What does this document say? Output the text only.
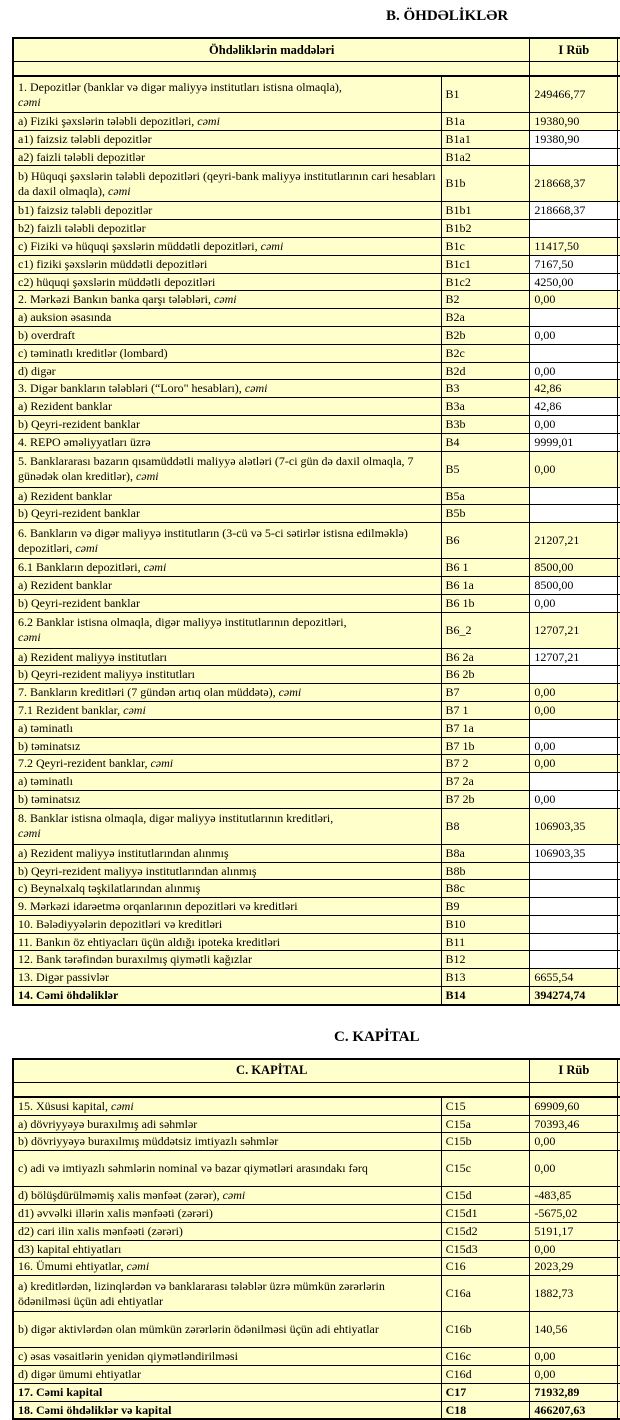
B. ÖHDƏLİKLƏR
Öhdəliklərin maddələri		I Rüb	

1. Depozitlər (banklar və digər maliyyə institutları istisna olmaqla),
cəmi	B1	249466,77	
a) Fiziki şəxslərin tələbli depozitləri, cəmi	B1a	19380,90	
a1) faizsiz tələbli depozitlər	B1a1	19380,90	
a2) faizli tələbli depozitlər	B1a2		
b) Hüquqi şəxslərin tələbli depozitləri (qeyri-bank maliyyə institutlarının cari hesabları da daxil olmaqla), cəmi	B1b	218668,37	
b1) faizsiz tələbli depozitlər	B1b1	218668,37	
b2) faizli tələbli depozitlər	B1b2		
c) Fiziki və hüquqi şəxslərin müddətli depozitləri, cəmi	B1c	11417,50	
c1) fiziki şəxslərin müddətli depozitləri	B1c1	7167,50	
c2) hüquqi şəxslərin müddətli depozitləri	B1c2	4250,00	
2. Mərkəzi Bankın banka qarşı tələbləri, cəmi	B2	0,00	
a) auksion əsasında	B2a		
b) overdraft	B2b	0,00	
c) təminatlı kreditlər (lombard)	B2c		
d) digər	B2d	0,00	
3. Digər bankların tələbləri (“Loro" hesabları), cəmi	B3	42,86	
a) Rezident banklar	B3a	42,86	
b) Qeyri-rezident banklar	B3b	0,00	
4. REPO əməliyyatları üzrə	B4	9999,01	
5. Banklararası bazarın qısamüddətli maliyyə alətləri (7-ci gün də daxil olmaqla, 7 günədək olan kreditlər), cəmi	B5	0,00	
a) Rezident banklar	B5a		
b) Qeyri-rezident banklar	B5b		
6. Bankların və digər maliyyə institutların (3-cü və 5-ci sətirlər istisna edilməklə) depozitləri, cəmi	B6	21207,21	
6.1 Bankların depozitləri, cəmi	B6 1	8500,00	
a) Rezident banklar	B6 1a	8500,00	
b) Qeyri-rezident banklar	B6 1b	0,00	
6.2 Banklar istisna olmaqla, digər maliyyə institutlarının depozitləri,
cəmi	B6_2	12707,21	
a) Rezident maliyyə institutları	B6 2a	12707,21	
b) Qeyri-rezident maliyyə institutları	B6 2b		
7. Bankların kreditləri (7 gündən artıq olan müddətə), cəmi	B7	0,00	
7.1 Rezident banklar, cəmi	B7 1	0,00	
a) təminatlı	B7 1a		
b) təminatsız	B7 1b	0,00	
7.2 Qeyri-rezident banklar, cəmi	B7 2	0,00	
a) təminatlı	B7 2a		
b) təminatsız	B7 2b	0,00	
8. Banklar istisna olmaqla, digər maliyyə institutlarının kreditləri,
cəmi	B8	106903,35	
a) Rezident maliyyə institutlarından alınmış	B8a	106903,35	
b) Qeyri-rezident maliyyə institutlarından alınmış	B8b		
c) Beynəlxalq təşkilatlarından alınmış	B8c		
9. Mərkəzi idarəetmə orqanlarının depozitləri və kreditləri	B9		
10. Bələdiyyələrin depozitləri və kreditləri	B10		
11. Bankın öz ehtiyacları üçün aldığı ipoteka kreditləri	B11		
12. Bank tərəfindən buraxılmış qiymətli kağızlar	B12		
13. Digər passivlər	B13	6655,54	
14. Cəmi öhdəliklər	B14	394274,74	
C. KAPİTAL
C. KAPİTAL		I Rüb	

15. Xüsusi kapital, cəmi	C15	69909,60	
a) dövriyyəyə buraxılmış adi səhmlər	C15a	70393,46	
b) dövriyyəyə buraxılmış müddətsiz imtiyazlı səhmlər	C15b	0,00	
c) adi və imtiyazlı səhmlərin nominal və bazar qiymətləri arasındakı fərq	C15c	0,00	
d) bölüşdürülməmiş xalis mənfəət (zərər), cəmi	C15d	-483,85	
d1) əvvəlki illərin xalis mənfəəti (zərəri)	C15d1	-5675,02	
d2) cari ilin xalis mənfəəti (zərəri)	C15d2	5191,17	
d3) kapital ehtiyatları	C15d3	0,00	
16. Ümumi ehtiyatlar, cəmi	C16	2023,29	
a) kreditlərdən, lizinqlərdən və banklararası tələblər üzrə mümkün zərərlərin ödənilməsi üçün adi ehtiyatlar	C16a	1882,73	
b) digər aktivlərdən olan mümkün zərərlərin ödənilməsi üçün adi ehtiyatlar	C16b	140,56	
c) əsas vəsaitlərin yenidən qiymətləndirilməsi	C16c	0,00	
d) digər ümumi ehtiyatlar	C16d	0,00	
17. Cəmi kapital	C17	71932,89	
18. Cəmi öhdəliklər və kapital	C18	466207,63	
